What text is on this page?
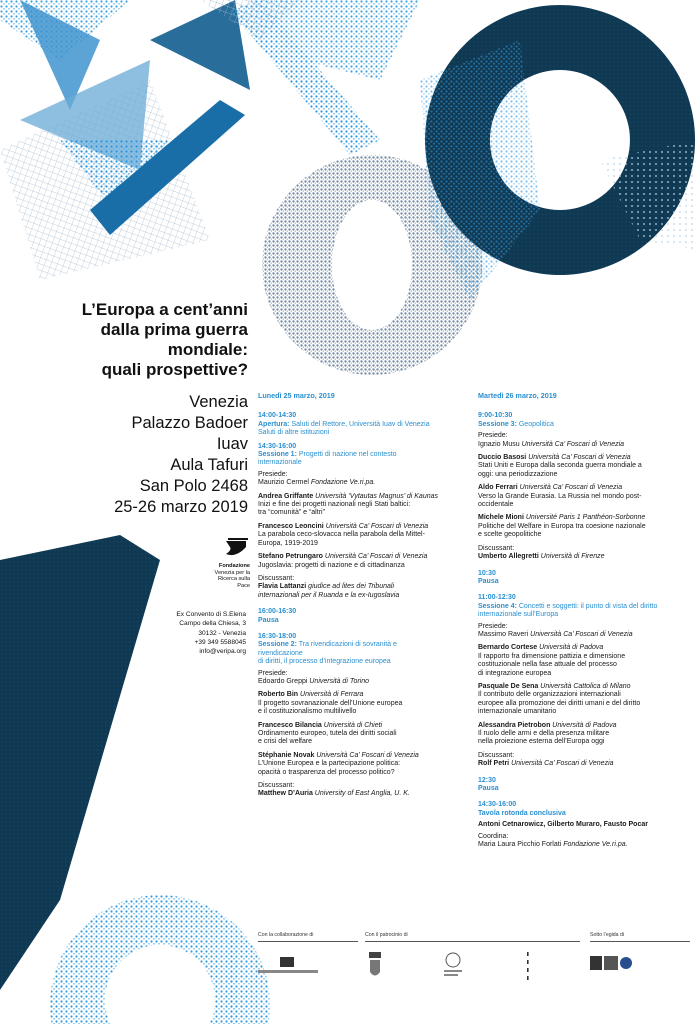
L’Europa a cent’anni
dalla prima guerra
mondiale:
quali prospettive?
Venezia
Palazzo Badoer
Iuav
Aula Tafuri
San Polo 2468
25-26 marzo 2019
Fondazione
Venezia per la
Ricerca sulla
Pace
Ex Convento di S.Elena
Campo della Chiesa, 3
30132 - Venezia
+39 349 5588045
info@veripa.org
Lunedì 25 marzo, 2019
14:00-14:30
Apertura: Saluti del Rettore, Università Iuav di Venezia
Saluti di altre istituzioni
14:30-16:00
Sessione 1: Progetti di nazione nel contesto
internazionale
Presiede:
Maurizio Cermel Fondazione Ve.ri.pa.
Andrea Griffante Università ‘Vytautas Magnus’ di Kaunas
Inizi e fine dei progetti nazionali negli Stati baltici:
tra “comunità” e “altri”
Francesco Leoncini Università Ca’ Foscari di Venezia
La parabola ceco-slovacca nella parabola della Mittel-
Europa, 1919-2019
Stefano Petrungaro Università Ca’ Foscari di Venezia
Jugoslavia: progetti di nazione e di cittadinanza
Discussant:
Flavia Lattanzi giudice ad lites dei Tribunali
internazionali per il Ruanda e la ex-Iugoslavia
16:00-16:30
Pausa
16:30-18:00
Sessione 2: Tra rivendicazioni di sovranità e
rivendicazione
di diritti, il processo d’integrazione europea
Presiede:
Edoardo Greppi Università di Torino
Roberto Bin Università di Ferrara
Il progetto sovranazionale dell’Unione europea
e il costituzionalismo multilivello
Francesco Bilancia Università di Chieti
Ordinamento europeo, tutela dei diritti sociali
e crisi del welfare
Stéphanie Novak Università Ca’ Foscari di Venezia
L’Unione Europea e la partecipazione politica:
opacità o trasparenza del processo politico?
Discussant:
Matthew D’Auria University of East Anglia, U. K.
Martedì 26 marzo, 2019
9:00-10:30
Sessione 3: Geopolitica
Presiede:
Ignazio Musu Università Ca’ Foscari di Venezia
Duccio Basosi Università Ca’ Foscari di Venezia
Stati Uniti e Europa dalla seconda guerra mondiale a
oggi: una periodizzazione
Aldo Ferrari Università Ca’ Foscari di Venezia
Verso la Grande Eurasia. La Russia nel mondo post-
occidentale
Michele Mioni Université Paris 1 Panthéon-Sorbonne
Politiche del Welfare in Europa tra coesione nazionale
e scelte geopolitiche
Discussant:
Umberto Allegretti Università di Firenze
10:30
Pausa
11:00-12:30
Sessione 4: Concetti e soggetti: il punto di vista del diritto
internazionale sull’Europa
Presiede:
Massimo Raveri Università Ca’ Foscari di Venezia
Bernardo Cortese Università di Padova
Il rapporto fra dimensione pattizia e dimensione
costituzionale nella fase attuale del processo
di integrazione europea
Pasquale De Sena Università Cattolica di Milano
Il contributo delle organizzazioni internazionali
europee alla promozione dei diritti umani e del diritto
internazionale umanitario
Alessandra Pietrobon Università di Padova
Il ruolo delle armi e della presenza militare
nella proiezione esterna dell’Europa oggi
Discussant:
Rolf Petri Università Ca’ Foscari di Venezia
12:30
Pausa
14:30-16:00
Tavola rotonda conclusiva
Antoni Cetnarowicz, Gilberto Muraro, Fausto Pocar
Coordina:
Maria Laura Picchio Forlati Fondazione Ve.ri.pa.
Con la collaborazione di	Con il patrocinio di	Sotto l’egida di
